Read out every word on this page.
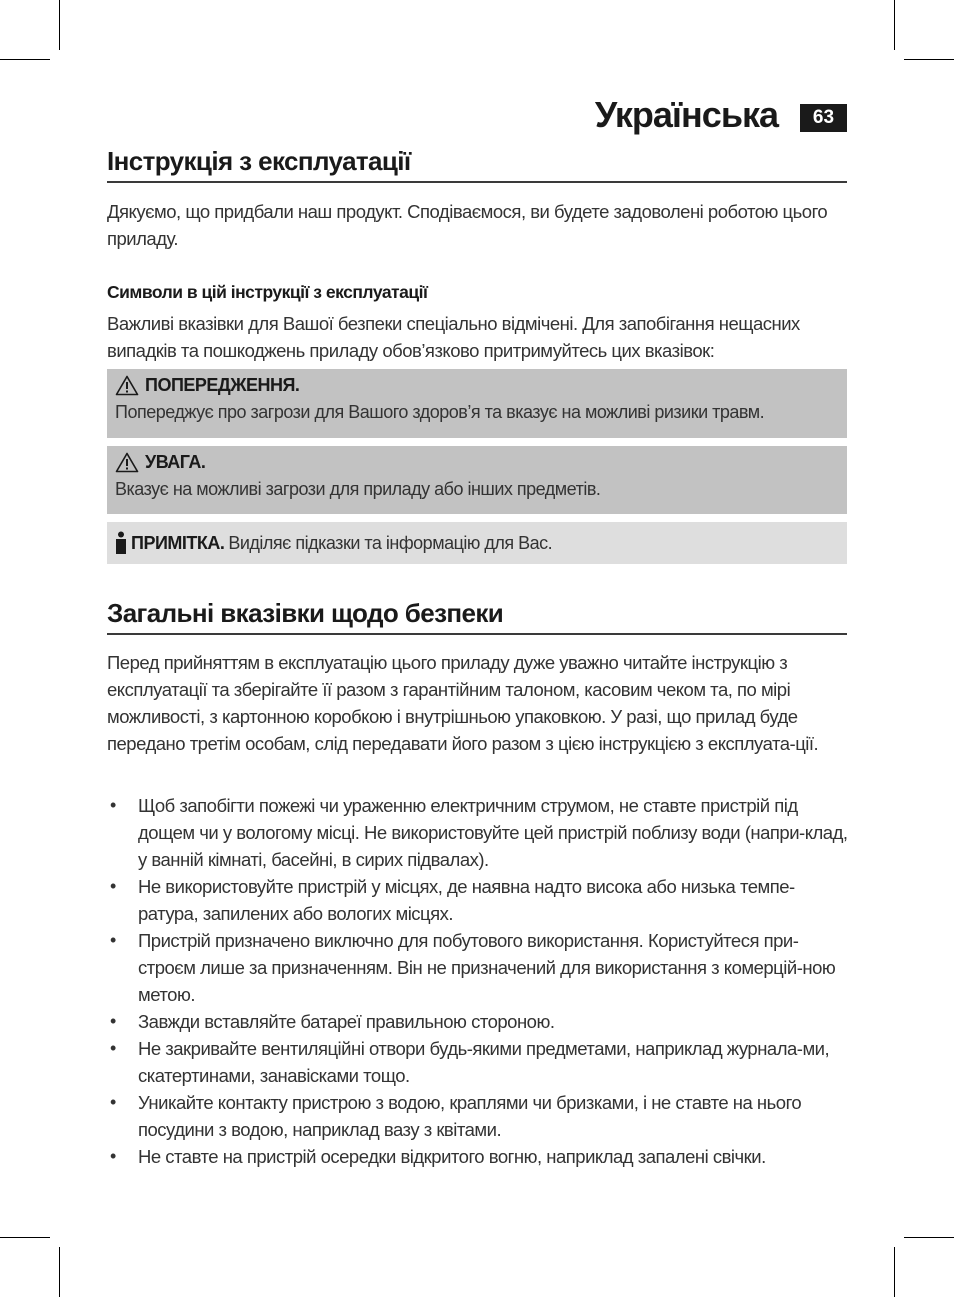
Українська	63
Інструкція з експлуатації

Дякуємо, що придбали наш продукт. Сподіваємося, ви будете задоволені роботою цього приладу.

Символи в цій інструкції з експлуатації

Важливі вказівки для Вашої безпеки спеціально відмічені. Для запобігання нещасних випадків та пошкоджень приладу обов’язково притримуйтесь цих вказівок:

ПОПЕРЕДЖЕННЯ.
Попереджує про загрози для Вашого здоров’я та вказує на можливі ризики травм.
УВАГА.
Вказує на можливі загрози для приладу або інших предметів.
ПРИМІТКА. Виділяє підказки та інформацію для Вас.
Загальні вказівки щодо безпеки

Перед прийняттям в експлуатацію цього приладу дуже уважно читайте інструкцію з експлуатації та зберігайте її разом з гарантійним талоном, касовим чеком та, по мірі можливості, з картонною коробкою і внутрішньою упаковкою. У разі, що прилад буде передано третім особам, слід передавати його разом з цією інструкцією з експлуата-ції.

• Щоб запобігти пожежі чи ураженню електричним струмом, не ставте пристрій під дощем чи у вологому місці. Не використовуйте цей пристрій поблизу води (напри-клад, у ванній кімнаті, басейні, в сирих підвалах).
• Не використовуйте пристрій у місцях, де наявна надто висока або низька темпе-ратура, запилених або вологих місцях.
• Пристрій призначено виключно для побутового використання. Користуйтеся при-строєм лише за призначенням. Він не призначений для використання з комерцій-ною метою.
• Завжди вставляйте батареї правильною стороною.
• Не закривайте вентиляційні отвори будь-якими предметами, наприклад журнала-ми, скатертинами, занавісками тощо.
• Уникайте контакту пристрою з водою, краплями чи бризками, і не ставте на нього посудини з водою, наприклад вазу з квітами.
• Не ставте на пристрій осередки відкритого вогню, наприклад запалені свічки.
